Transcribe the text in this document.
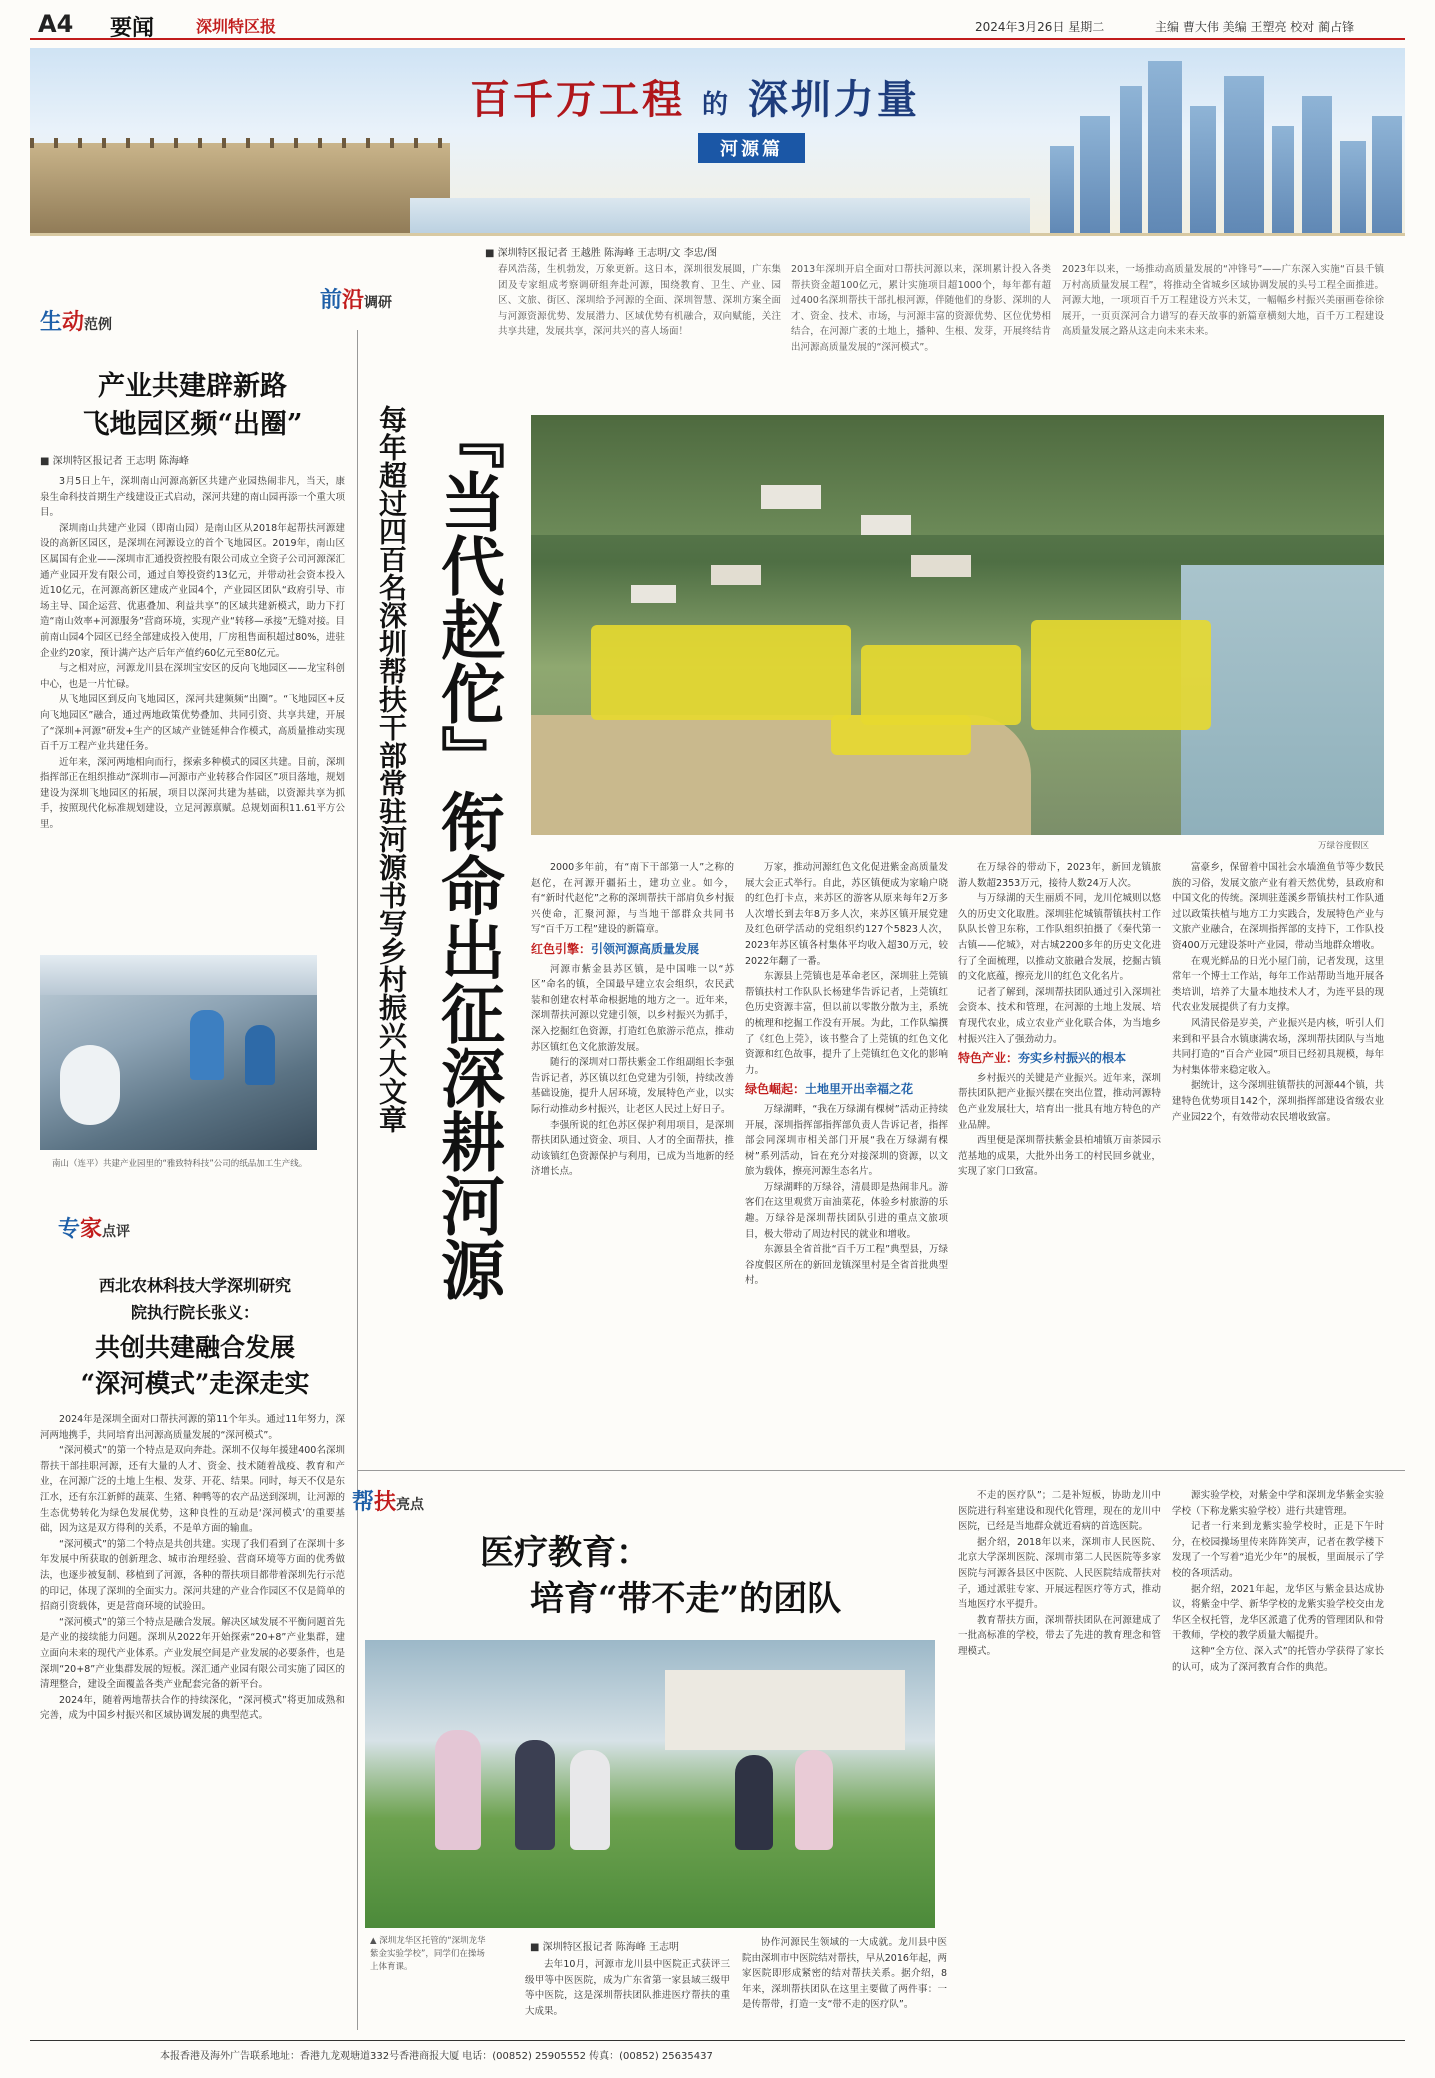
A4 要闻	深圳特区报	2024年3月26日 星期二	主编 曹大伟 美编 王塑亮 校对 蔺占锋
百千万工程 的 深圳力量
河源篇
生动范例
产业共建辟新路
飞地园区频“出圈”
■ 深圳特区报记者 王志明 陈海峰

3月5日上午，深圳南山河源高新区共建产业园热闹非凡，当天，康泉生命科技首期生产线建设正式启动，深河共建的南山园再添一个重大项目。

深圳南山共建产业园（即南山园）是南山区从2018年起帮扶河源建设的高新区园区，是深圳在河源设立的首个飞地园区。2019年，南山区区属国有企业——深圳市汇通投资控股有限公司成立全资子公司河源深汇通产业园开发有限公司，通过自筹投资约13亿元，并带动社会资本投入近10亿元，在河源高新区建成产业园4个，产业园区团队“政府引导、市场主导、国企运营、优惠叠加、利益共享”的区域共建新模式，助力下打造“南山效率+河源服务”营商环境，实现产业“转移—承接”无缝对接。目前南山园4个园区已经全部建成投入使用，厂房租售面积超过80%，进驻企业约20家，预计满产达产后年产值约60亿元至80亿元。

与之相对应，河源龙川县在深圳宝安区的反向飞地园区——龙宝科创中心，也是一片忙碌。

从飞地园区到反向飞地园区，深河共建频频“出圈”。“飞地园区+反向飞地园区”融合，通过两地政策优势叠加、共同引资、共享共建，开展了“深圳+河源”研发+生产的区域产业链延伸合作模式，高质量推动实现百千万工程产业共建任务。

近年来，深河两地相向而行，探索多种模式的园区共建。目前，深圳指挥部正在组织推动“深圳市—河源市产业转移合作园区”项目落地，规划建设为深圳飞地园区的拓展，项目以深河共建为基础，以资源共享为抓手，按照现代化标准规划建设，立足河源禀赋。总规划面积11.61平方公里。

南山（连平）共建产业园里的“雅致特科技”公司的纸品加工生产线。
专家点评
西北农林科技大学深圳研究
院执行院长张义：
共创共建融合发展
“深河模式”走深走实

2024年是深圳全面对口帮扶河源的第11个年头。通过11年努力，深河两地携手，共同培育出河源高质量发展的“深河模式”。

“深河模式”的第一个特点是双向奔赴。深圳不仅每年援建400名深圳帮扶干部挂职河源，还有大量的人才、资金、技术随着战疫、教育和产业，在河源广泛的土地上生根、发芽、开花、结果。同时，每天不仅是东江水，还有东江新鲜的蔬菜、生猪、种鸭等的农产品送到深圳，让河源的生态优势转化为绿色发展优势，这种良性的互动是‘深河模式’的重要基础，因为这是双方得利的关系，不是单方面的输血。

“深河模式”的第二个特点是共创共建。实现了我们看到了在深圳十多年发展中所获取的创新理念、城市治理经验、营商环境等方面的优秀做法，也逐步被复制、移植到了河源，各种的帮扶项目都带着深圳先行示范的印记，体现了深圳的全面实力。深河共建的产业合作园区不仅是简单的招商引资载体，更是营商环境的试验田。

“深河模式”的第三个特点是融合发展。解决区域发展不平衡问题首先是产业的接续能力问题。深圳从2022年开始探索“20+8”产业集群，建立面向未来的现代产业体系。产业发展空间是产业发展的必要条件，也是深圳“20+8”产业集群发展的短板。深汇通产业园有限公司实施了园区的清理整合，建设全面覆盖各类产业配套完备的新平台。

2024年，随着两地帮扶合作的持续深化，“深河模式”将更加成熟和完善，成为中国乡村振兴和区域协调发展的典型范式。

前沿调研
■ 深圳特区报记者 王越胜 陈海峰 王志明/文 李忠/图
春风浩荡，生机勃发，万象更新。这日本，深圳很发展圆，广东集团及专家组成考察调研组奔赴河源，围绕教育、卫生、产业、园区、文旅、街区、深圳给予河源的全面、深圳智慧、深圳方案全面与河源资源优势、发展潜力、区域优势有机融合，双向赋能，关注共享共建，发展共享，深河共兴的喜人场面！
2013年深圳开启全面对口帮扶河源以来，深圳累计投入各类帮扶资金超100亿元，累计实施项目超1000个，每年都有超过400名深圳帮扶干部扎根河源，伴随他们的身影、深圳的人才、资金、技术、市场，与河源丰富的资源优势、区位优势相结合，在河源广袤的土地上，播种、生根、发芽，开展终结肯出河源高质量发展的“深河模式”。
2023年以来，一场推动高质量发展的“冲锋号”——广东深入实施“百县千镇万村高质量发展工程”，将推动全省城乡区域协调发展的头号工程全面推进。河源大地，一项项百千万工程建设方兴未艾，一幅幅乡村振兴美丽画卷徐徐展开，一页页深河合力谱写的春天故事的新篇章横刻大地，百千万工程建设高质量发展之路从这走向未来未来。
『当代赵佗』衔命出征深耕河源
每年超过四百名深圳帮扶干部常驻河源书写乡村振兴大文章	万绿谷度假区

2000多年前，有“南下干部第一人”之称的赵佗，在河源开疆拓土，建功立业。如今，有“新时代赵佗”之称的深圳帮扶干部肩负乡村振兴使命，汇聚河源，与当地干部群众共同书写“百千万工程”建设的新篇章。

红色引擎：引领河源高质量发展

河源市紫金县苏区镇，是中国唯一以“苏区”命名的镇，全国最早建立农会组织，农民武装和创建农村革命根据地的地方之一。近年来，深圳帮扶河源以党建引领，以乡村振兴为抓手，深入挖掘红色资源，打造红色旅游示范点，推动苏区镇红色文化旅游发展。

随行的深圳对口帮扶紫金工作组副组长李强告诉记者，苏区镇以红色党建为引领，持续改善基础设施，提升人居环境，发展特色产业，以实际行动推动乡村振兴，让老区人民过上好日子。

李强所说的红色苏区保护利用项目，是深圳帮扶团队通过资金、项目、人才的全面帮扶，推动该镇红色资源保护与利用，已成为当地新的经济增长点。

万家，推动河源红色文化促进紫金高质量发展大会正式举行。自此，苏区镇便成为家喻户晓的红色打卡点，来苏区的游客从原来每年2万多人次增长到去年8万多人次，来苏区镇开展党建及红色研学活动的党组织约127个5823人次，2023年苏区镇各村集体平均收入超30万元，较2022年翻了一番。

东源县上莞镇也是革命老区，深圳驻上莞镇帮镇扶村工作队队长杨建华告诉记者，上莞镇红色历史资源丰富，但以前以零散分散为主，系统的梳理和挖掘工作没有开展。为此，工作队编撰了《红色上莞》，该书整合了上莞镇的红色文化资源和红色故事，提升了上莞镇红色文化的影响力。

绿色崛起：土地里开出幸福之花

万绿湖畔，“我在万绿湖有棵树”活动正持续开展，深圳指挥部指挥部负责人告诉记者，指挥部会同深圳市相关部门开展“我在万绿湖有棵树”系列活动，旨在充分对接深圳的资源，以文旅为载体，擦亮河源生态名片。

万绿湖畔的万绿谷，清晨即是热闹非凡。游客们在这里观赏万亩油菜花，体验乡村旅游的乐趣。万绿谷是深圳帮扶团队引进的重点文旅项目，极大带动了周边村民的就业和增收。

东源县全省首批“百千万工程”典型县，万绿谷度假区所在的新回龙镇深里村是全省首批典型村。

在万绿谷的带动下，2023年，新回龙镇旅游人数超2353万元，接待人数24万人次。

与万绿湖的天生丽质不同，龙川佗城则以悠久的历史文化取胜。深圳驻佗城镇帮镇扶村工作队队长曾卫东称，工作队组织拍摄了《秦代第一古镇——佗城》，对古城2200多年的历史文化进行了全面梳理，以推动文旅融合发展，挖掘古镇的文化底蕴，擦亮龙川的红色文化名片。

记者了解到，深圳帮扶团队通过引入深圳社会资本、技术和管理，在河源的土地上发展、培育现代农业，成立农业产业化联合体，为当地乡村振兴注入了强劲动力。

特色产业：夯实乡村振兴的根本

乡村振兴的关键是产业振兴。近年来，深圳帮扶团队把产业振兴摆在突出位置，推动河源特色产业发展壮大，培育出一批具有地方特色的产业品牌。

西里便是深圳帮扶紫金县柏埔镇万亩茶园示范基地的成果，大批外出务工的村民回乡就业，实现了家门口致富。

富豪乡，保留着中国社会水墙渔鱼节等少数民族的习俗，发展文旅产业有着天然优势，县政府和中国文化的传统。深圳驻莲溪乡帮镇扶村工作队通过以政策扶植与地方工力实践合，发展特色产业与文旅产业融合，在深圳指挥部的支持下，工作队投资400万元建设茶叶产业园，带动当地群众增收。

在观光鲜品的日光小屋门前，记者发现，这里常年一个博士工作站，每年工作站帮助当地开展各类培训，培养了大量本地技术人才，为连平县的现代农业发展提供了有力支撑。

风清民俗是岁美，产业振兴是内核，听引人们来到和平县合水镇康满农场，深圳帮扶团队与当地共同打造的“百合产业园”项目已经初具规模，每年为村集体带来稳定收入。

据统计，这今深圳驻镇帮扶的河源44个镇，共建特色优势项目142个，深圳指挥部建设省级农业产业园22个，有效带动农民增收致富。

帮扶亮点
医疗教育：
培育“带不走”的团队
▲ 深圳龙华区托管的“深圳龙华紫金实验学校”，同学们在操场上体育课。
■ 深圳特区报记者 陈海峰 王志明

去年10月，河源市龙川县中医院正式获评三级甲等中医医院，成为广东省第一家县域三级甲等中医院，这是深圳帮扶团队推进医疗帮扶的重大成果。

协作河源民生领域的一大成就。龙川县中医院由深圳市中医院结对帮扶，早从2016年起，两家医院即形成紧密的结对帮扶关系。据介绍，8年来，深圳帮扶团队在这里主要做了两件事：一是传帮带，打造一支“带不走的医疗队”。

不走的医疗队”；二是补短板，协助龙川中医院进行科室建设和现代化管理，现在的龙川中医院，已经是当地群众就近看病的首选医院。

据介绍，2018年以来，深圳市人民医院、北京大学深圳医院、深圳市第二人民医院等多家医院与河源各县区中医院、人民医院结成帮扶对子，通过派驻专家、开展远程医疗等方式，推动当地医疗水平提升。

教育帮扶方面，深圳帮扶团队在河源建成了一批高标准的学校，带去了先进的教育理念和管理模式。

源实验学校，对紫金中学和深圳龙华紫金实验学校（下称龙紫实验学校）进行共建管理。

记者一行来到龙紫实验学校时，正是下午时分，在校园操场里传来阵阵笑声，记者在教学楼下发现了一个写着“追光少年”的展板，里面展示了学校的各项活动。

据介绍，2021年起，龙华区与紫金县达成协议，将紫金中学、新华学校的龙紫实验学校交由龙华区全权托管，龙华区派遣了优秀的管理团队和骨干教师，学校的教学质量大幅提升。

这种“全方位、深入式”的托管办学获得了家长的认可，成为了深河教育合作的典范。

本报香港及海外广告联系地址：香港九龙观塘道332号香港商报大厦 电话：(00852) 25905552 传真：(00852) 25635437
